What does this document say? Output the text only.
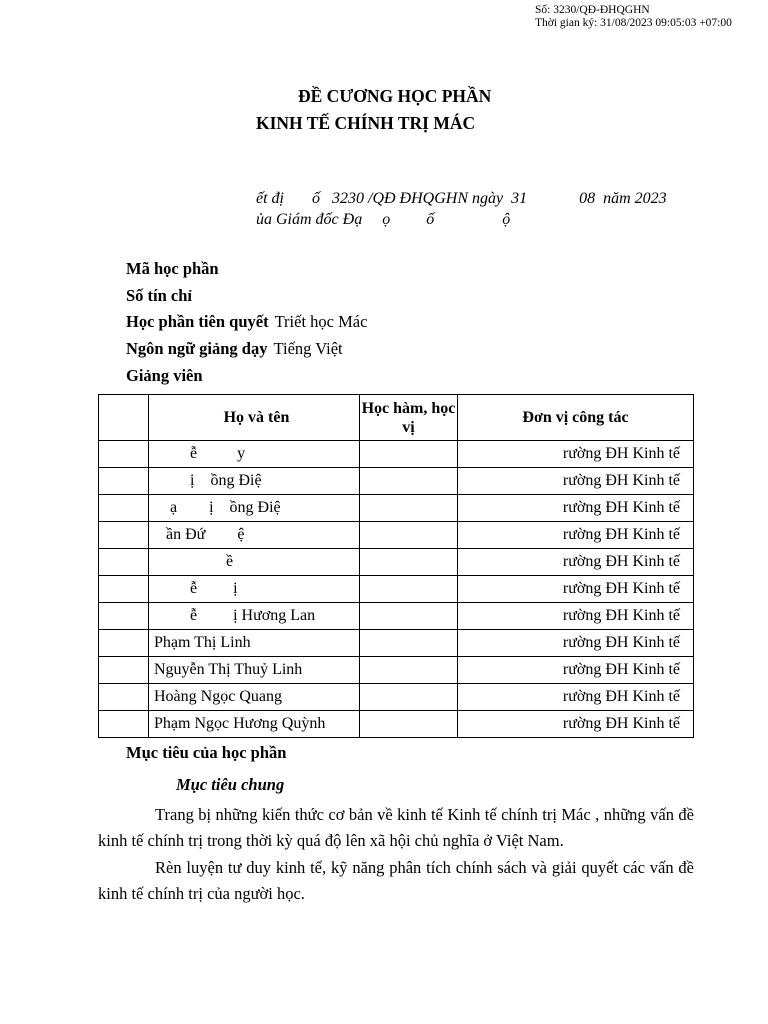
Số: 3230/QĐ-ĐHQGHN
Thời gian ký: 31/08/2023 09:05:03 +07:00
ĐỀ CƯƠNG HỌC PHẦN
KINH TẾ CHÍNH TRỊ MÁC
ết đị       ố   3230 /QĐ ĐHQGHN ngày  31             08  năm 2023
ủa Giám đốc Đạ     ọ         ố                 ộ
Mã học phần
Số tín chỉ
Học phần tiên quyết Triết học Mác
Ngôn ngữ giảng dạy Tiếng Việt
Giảng viên
	Họ và tên	Học hàm, học vị	Đơn vị công tác
	ễ          y		rường ĐH Kinh tế
	ị    ồng Điệ		rường ĐH Kinh tế
	ạ        ị    ồng Điệ		rường ĐH Kinh tế
	ần Đứ        ệ		rường ĐH Kinh tế
	ề		rường ĐH Kinh tế
	ễ         ị		rường ĐH Kinh tế
	ễ         ị Hương Lan		rường ĐH Kinh tế
	Phạm Thị Linh		rường ĐH Kinh tế
	Nguyễn Thị Thuỷ Linh		rường ĐH Kinh tế
	Hoàng Ngọc Quang		rường ĐH Kinh tế
	Phạm Ngọc Hương Quỳnh		rường ĐH Kinh tế
Mục tiêu của học phần
Mục tiêu chung
Trang bị những kiến thức cơ bản về kinh tế Kinh tế chính trị Mác , những vấn đề kinh tế chính trị trong thời kỳ quá độ lên xã hội chủ nghĩa ở Việt Nam.
Rèn luyện tư duy kinh tế, kỹ năng phân tích chính sách và giải quyết các vấn đề kinh tế chính trị của người học.
